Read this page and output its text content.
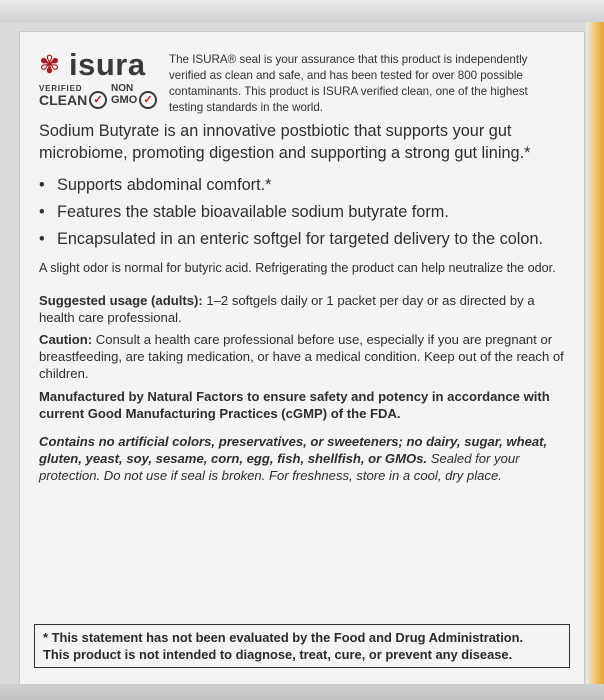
✾ isura
VERIFIED
CLEAN ✓
NON
GMO ✓
The ISURA® seal is your assurance that this product is independently verified as clean and safe, and has been tested for over 800 possible contaminants. This product is ISURA verified clean, one of the highest testing standards in the world.
Sodium Butyrate is an innovative postbiotic that supports your gut microbiome, promoting digestion and supporting a strong gut lining.*
• Supports abdominal comfort.*
• Features the stable bioavailable sodium butyrate form.
• Encapsulated in an enteric softgel for targeted delivery to the colon.
A slight odor is normal for butyric acid. Refrigerating the product can help neutralize the odor.
Suggested usage (adults): 1–2 softgels daily or 1 packet per day or as directed by a health care professional.
Caution: Consult a health care professional before use, especially if you are pregnant or breastfeeding, are taking medication, or have a medical condition. Keep out of the reach of children.
Manufactured by Natural Factors to ensure safety and potency in accordance with current Good Manufacturing Practices (cGMP) of the FDA.
Contains no artificial colors, preservatives, or sweeteners; no dairy, sugar, wheat, gluten, yeast, soy, sesame, corn, egg, fish, shellfish, or GMOs. Sealed for your protection. Do not use if seal is broken. For freshness, store in a cool, dry place.
* This statement has not been evaluated by the Food and Drug Administration.
This product is not intended to diagnose, treat, cure, or prevent any disease.
